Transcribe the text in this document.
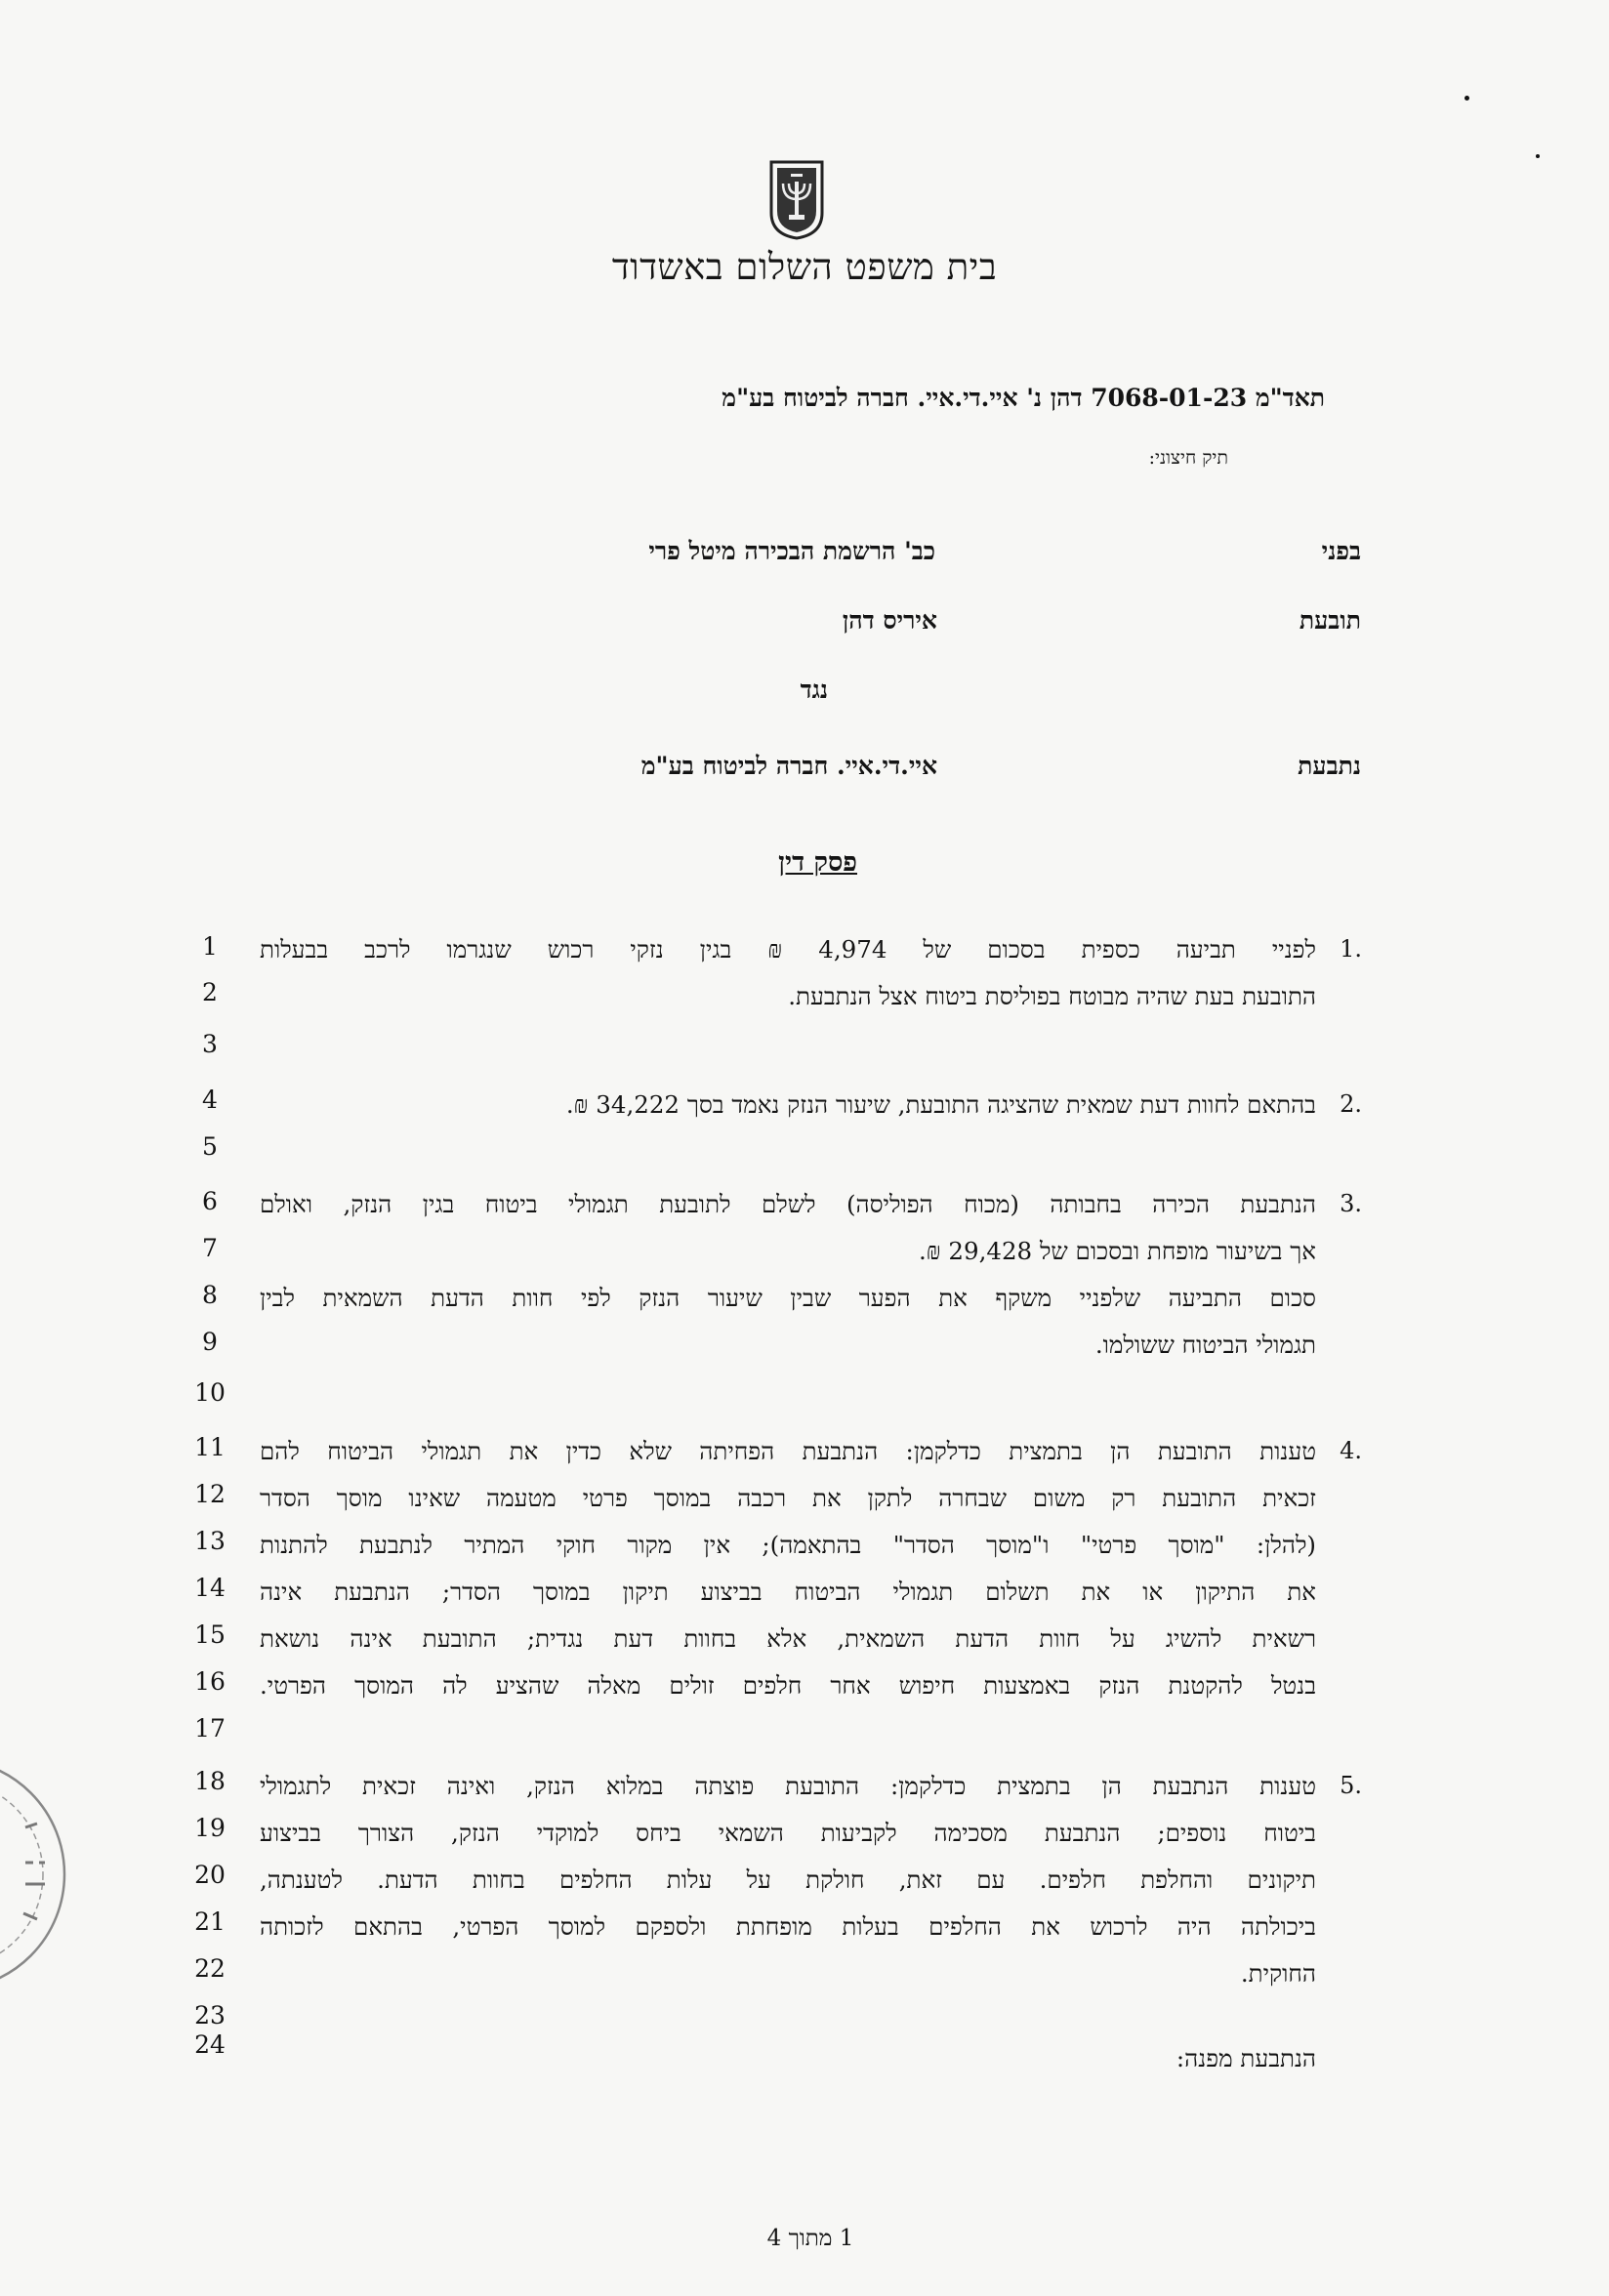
בית משפט השלום באשדוד
תאד"מ 7068-01-23 דהן נ' איי.די.איי. חברה לביטוח בע"מ
תיק חיצוני:
בפני
כב' הרשמת הבכירה מיטל פרי
תובעת
איריס דהן
נגד
נתבעת
איי.די.איי. חברה לביטוח בע"מ
פסק דין
1.
לפניי תביעה כספית בסכום של 4,974 ₪ בגין נזקי רכוש שנגרמו לרכב בבעלות
התובעת בעת שהיה מבוטח בפוליסת ביטוח אצל הנתבעת.
2.
בהתאם לחוות דעת שמאית שהציגה התובעת, שיעור הנזק נאמד בסך 34,222 ₪.
3.
הנתבעת הכירה בחבותה (מכוח הפוליסה) לשלם לתובעת תגמולי ביטוח בגין הנזק, ואולם
אך בשיעור מופחת ובסכום של 29,428 ₪.
סכום התביעה שלפניי משקף את הפער שבין שיעור הנזק לפי חוות הדעת השמאית לבין
תגמולי הביטוח ששולמו.
4.
טענות התובעת הן בתמצית כדלקמן: הנתבעת הפחיתה שלא כדין את תגמולי הביטוח להם
זכאית התובעת רק משום שבחרה לתקן את רכבה במוסך פרטי מטעמה שאינו מוסך הסדר
(להלן: "מוסך פרטי" ו"מוסך הסדר" בהתאמה); אין מקור חוקי המתיר לנתבעת להתנות
את התיקון או את תשלום תגמולי הביטוח בביצוע תיקון במוסך הסדר; הנתבעת אינה
רשאית להשיג על חוות הדעת השמאית, אלא בחוות דעת נגדית; התובעת אינה נושאת
בנטל להקטנת הנזק באמצעות חיפוש אחר חלפים זולים מאלה שהציע לה המוסך הפרטי.
5.
טענות הנתבעת הן בתמצית כדלקמן: התובעת פוצתה במלוא הנזק, ואינה זכאית לתגמולי
ביטוח נוספים; הנתבעת מסכימה לקביעות השמאי ביחס למוקדי הנזק, הצורך בביצוע
תיקונים והחלפת חלפים. עם זאת, חולקת על עלות החלפים בחוות הדעת. לטענתה,
ביכולתה היה לרכוש את החלפים בעלות מופחתת ולספקם למוסך הפרטי, בהתאם לזכותה
החוקית.
הנתבעת מפנה:
1
2
3
4
5
6
7
8
9
10
11
12
13
14
15
16
17
18
19
20
21
22
23
24
1 מתוך 4
